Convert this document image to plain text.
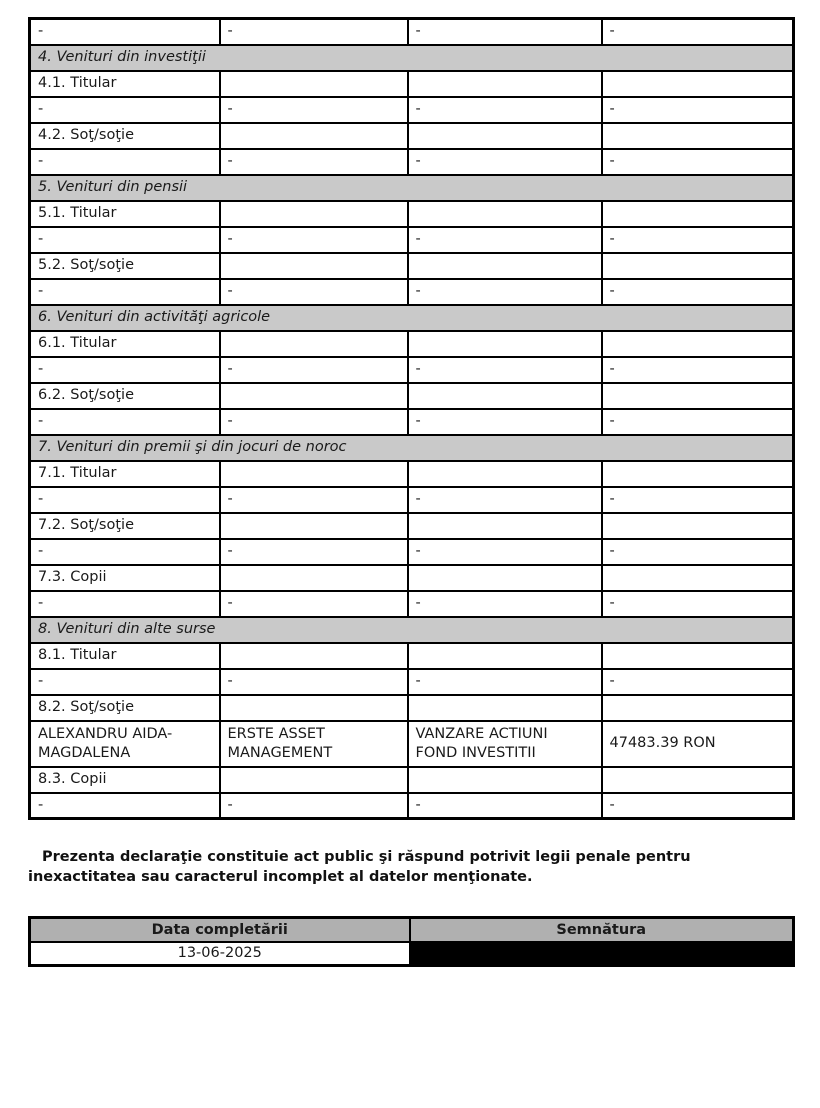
-	-	-	-
4. Venituri din investiţii			
4.1. Titular			
-	-	-	-
4.2. Soţ/soţie			
-	-	-	-
5. Venituri din pensii			
5.1. Titular			
-	-	-	-
5.2. Soţ/soţie			
-	-	-	-
6. Venituri din activităţi agricole			
6.1. Titular			
-	-	-	-
6.2. Soţ/soţie			
-	-	-	-
7. Venituri din premii şi din jocuri de noroc			
7.1. Titular			
-	-	-	-
7.2. Soţ/soţie			
-	-	-	-
7.3. Copii			
-	-	-	-
8. Venituri din alte surse			
8.1. Titular			
-	-	-	-
8.2. Soţ/soţie			
ALEXANDRU AIDA-MAGDALENA	ERSTE ASSET MANAGEMENT	VANZARE ACTIUNI FOND INVESTITII	47483.39 RON
8.3. Copii			
-	-	-	-

Prezenta declaraţie constituie act public şi răspund potrivit legii penale pentru inexactitatea sau caracterul incomplet al datelor menţionate.

Data completării	Semnătura
13-06-2025	
